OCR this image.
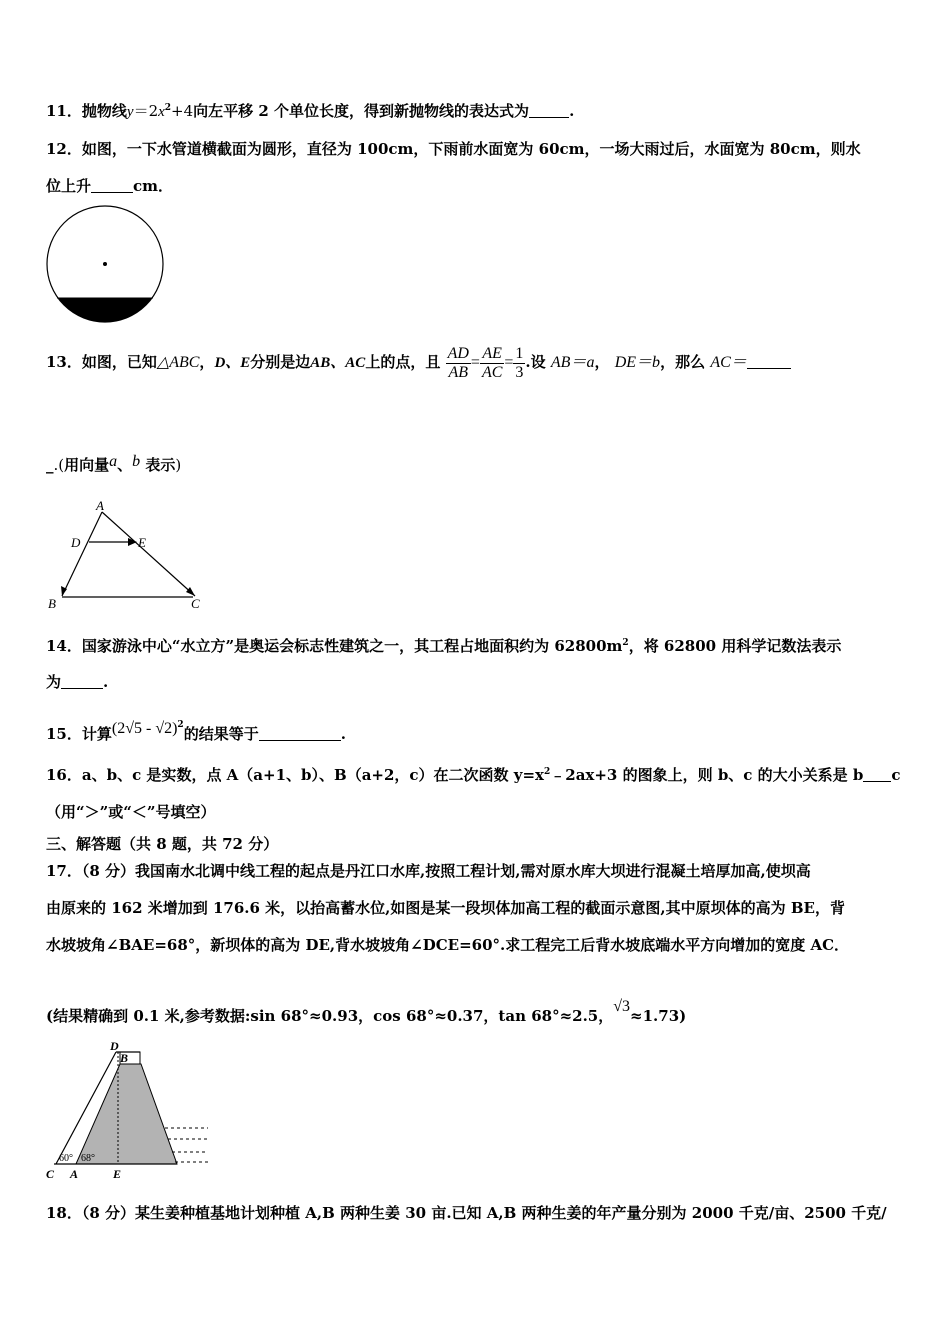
11．抛物线$y=2x^2+4$向左平移 2 个单位长度，得到新抛物线的表达式为	.
12．如图，一下水管道横截面为圆形，直径为 100cm，下雨前水面宽为 60cm，一场大雨过后，水面宽为 80cm，则水
位上升	cm．
13．如图，已知△ABC，D、E分别是边AB、AC上的点，且 $\frac{AD}{AB} = \frac{AE}{AC} = \frac{1}{3}$ .设 AB＝a， DE＝b，那么 AC＝
_.(用向量a、b 表示)
A
D	E
B	C
14．国家游泳中心“水立方”是奥运会标志性建筑之一，其工程占地面积约为 $62800m^2$，将 62800 用科学记数法表示
为	.
15．计算(2√5 - √2)$^2$的结果等于	.
16．a、b、c 是实数，点 A（a+1、b）、B（a+2，c）在二次函数 $y=x^2﹣2ax+3$ 的图象上，则 b、c 的大小关系是 b c
（用“＞”或“＜”号填空）
三、解答题（共 8 题，共 72 分）
17．（8 分）我国南水北调中线工程的起点是丹江口水库,按照工程计划,需对原水库大坝进行混凝土培厚加高,使坝高
由原来的 162 米增加到 176.6 米，以抬高蓄水位,如图是某一段坝体加高工程的截面示意图,其中原坝体的高为 BE，背
水坡坡角∠BAE=68°，新坝体的高为 DE,背水坡坡角∠DCE=60°.求工程完工后背水坡底端水平方向增加的宽度 AC．
(结果精确到 0.1 米,参考数据:sin 68°≈0.93，cos 68°≈0.37，tan 68°≈2.5，√3≈1.73)
D
B
C A	E
60° 68°
18．（8 分）某生姜种植基地计划种植 A,B 两种生姜 30 亩.已知 A,B 两种生姜的年产量分别为 2000 千克/亩、2500 千克/
